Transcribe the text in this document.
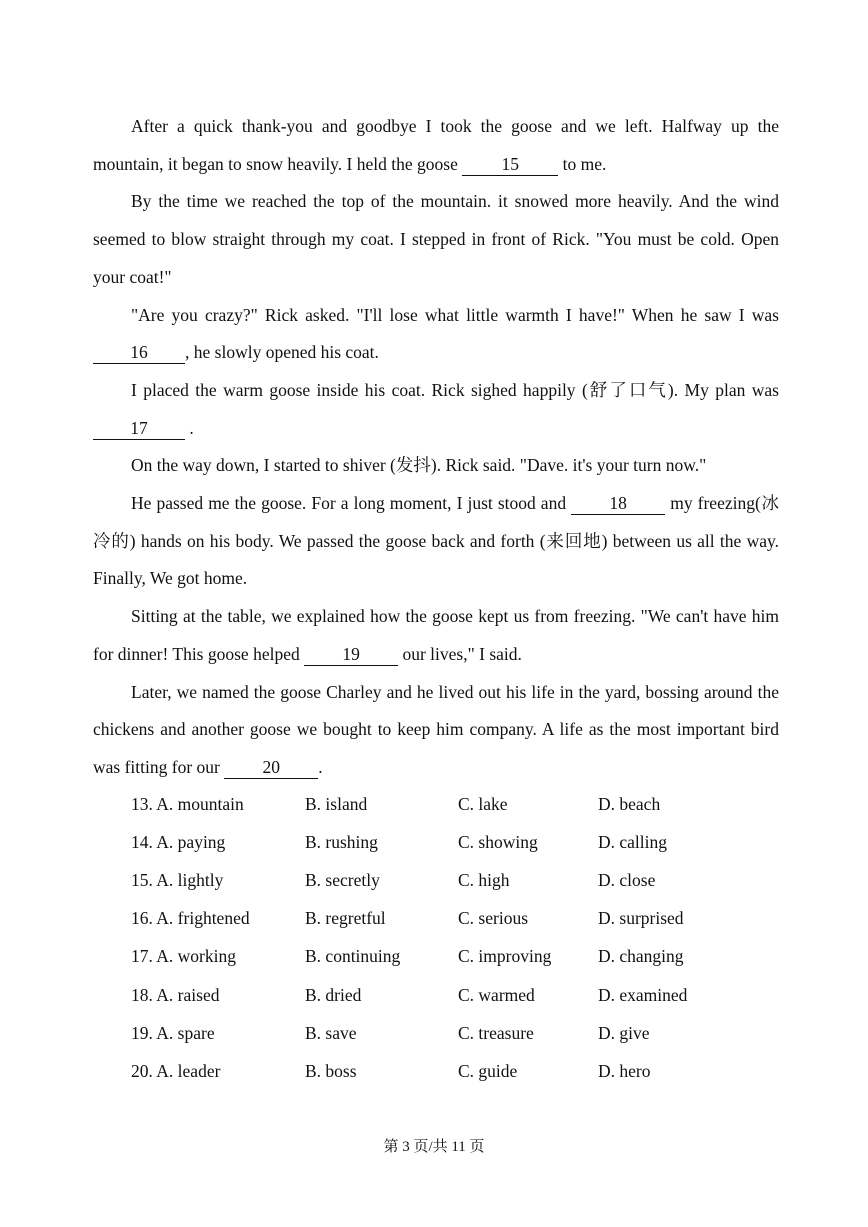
After a quick thank-you and goodbye I took the goose and we left. Halfway up the mountain, it began to snow heavily. I held the goose 15 to me.

By the time we reached the top of the mountain. it snowed more heavily. And the wind seemed to blow straight through my coat. I stepped in front of Rick. "You must be cold. Open your coat!"

"Are you crazy?" Rick asked. "I'll lose what little warmth I have!" When he saw I was 16 , he slowly opened his coat.

I placed the warm goose inside his coat. Rick sighed happily (舒了口气). My plan was 17 .

On the way down, I started to shiver (发抖). Rick said. "Dave. it's your turn now."

He passed me the goose. For a long moment, I just stood and 18 my freezing(冰冷的) hands on his body. We passed the goose back and forth (来回地) between us all the way. Finally, We got home.

Sitting at the table, we explained how the goose kept us from freezing. "We can't have him for dinner! This goose helped 19 our lives," I said.

Later, we named the goose Charley and he lived out his life in the yard, bossing around the chickens and another goose we bought to keep him company. A life as the most important bird was fitting for our 20 .

13. A. mountain	B. island	C. lake	D. beach
14. A. paying	B. rushing	C. showing	D. calling
15. A. lightly	B. secretly	C. high	D. close
16. A. frightened	B. regretful	C. serious	D. surprised
17. A. working	B. continuing	C. improving	D. changing
18. A. raised	B. dried	C. warmed	D. examined
19. A. spare	B. save	C. treasure	D. give
20. A. leader	B. boss	C. guide	D. hero
第 3 页/共 11 页
